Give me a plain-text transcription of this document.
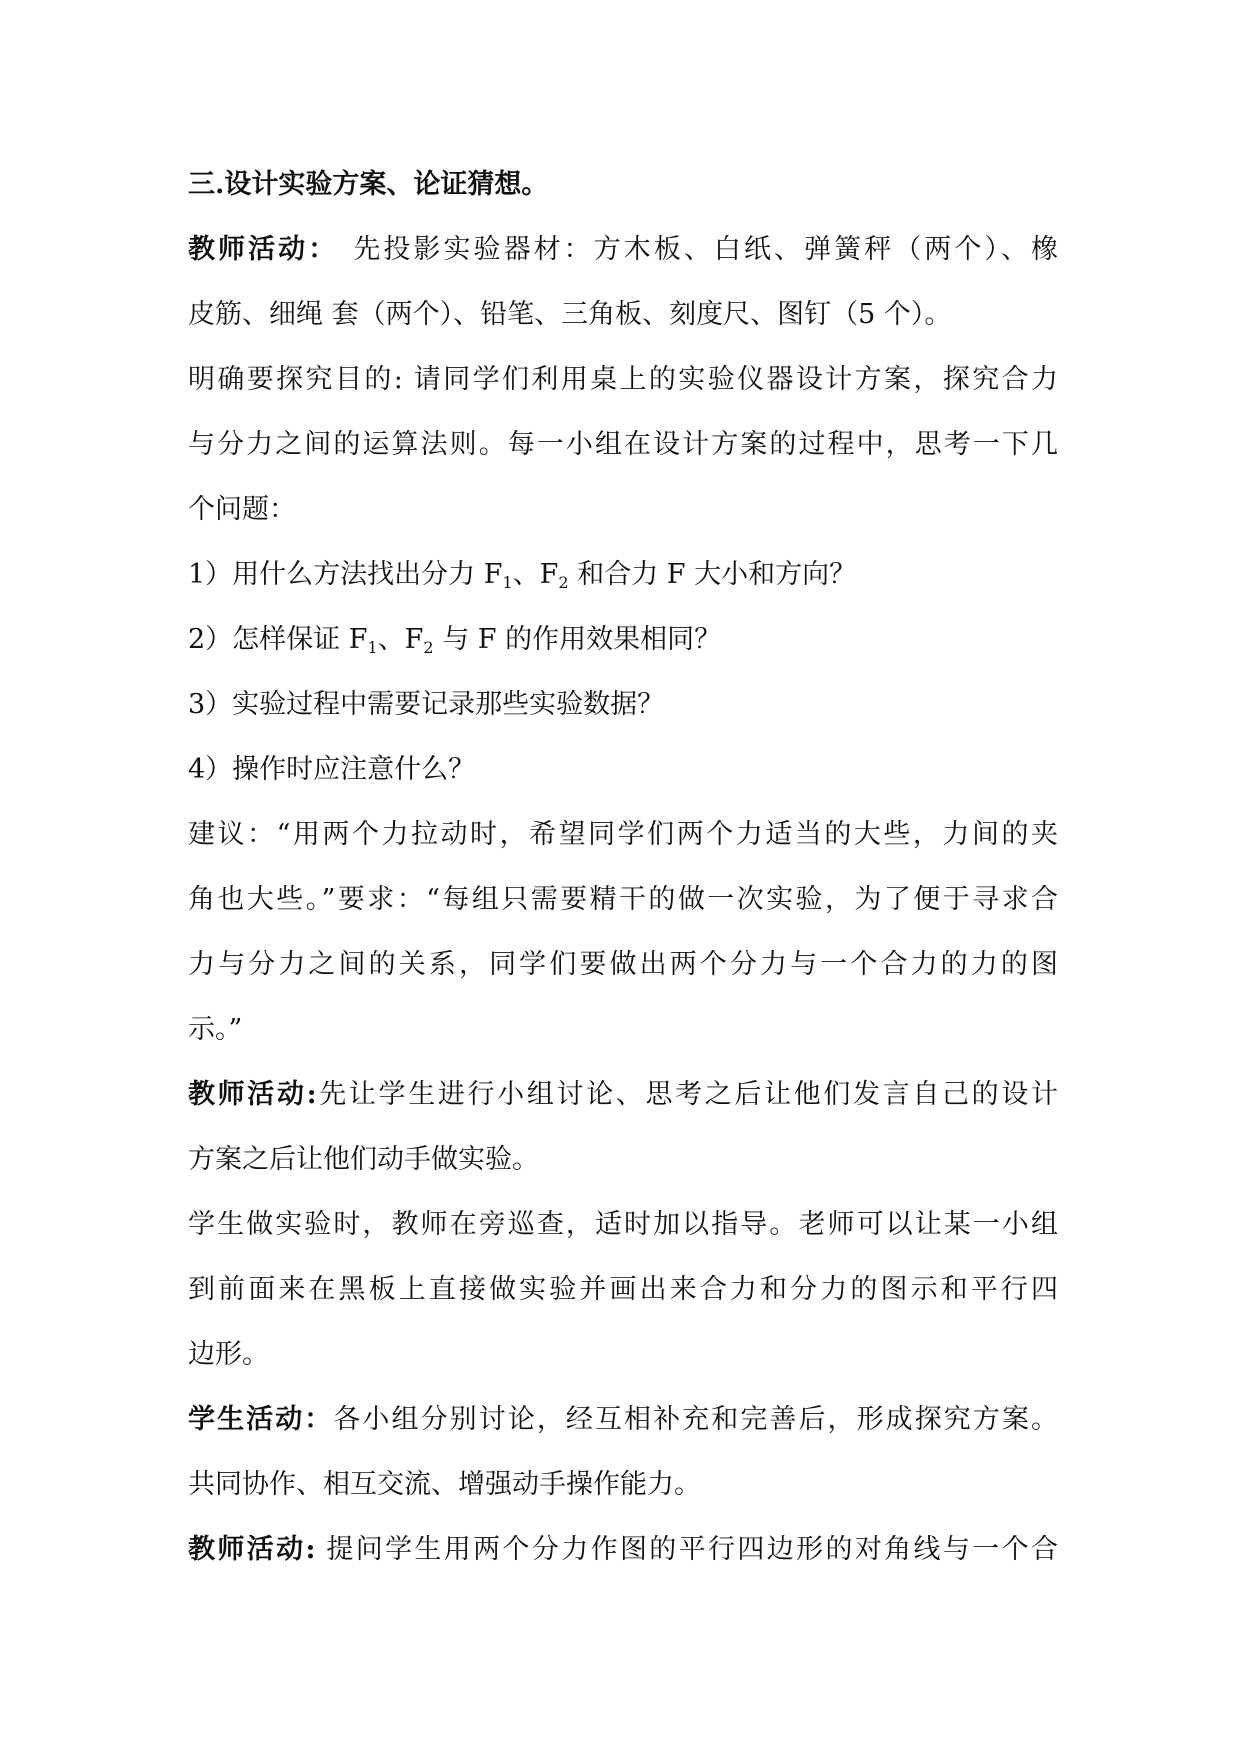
三.设计实验方案、论证猜想。
教师活动： 先投影实验器材：方木板、白纸、弹簧秤（两个）、橡
皮筋、细绳 套（两个）、铅笔、三角板、刻度尺、图钉（5 个）。
明确要探究目的: 请同学们利用桌上的实验仪器设计方案，探究合力
与分力之间的运算法则。每一小组在设计方案的过程中，思考一下几
个问题：
1）用什么方法找出分力 $F_1$、$F_2$ 和合力 F 大小和方向？
2）怎样保证 $F_1$、$F_2$ 与 F 的作用效果相同？
3）实验过程中需要记录那些实验数据？
4）操作时应注意什么？
建议：“用两个力拉动时，希望同学们两个力适当的大些，力间的夹
角也大些。”要求：“每组只需要精干的做一次实验，为了便于寻求合
力与分力之间的关系，同学们要做出两个分力与一个合力的力的图
示。”
教师活动:先让学生进行小组讨论、思考之后让他们发言自己的设计
方案之后让他们动手做实验。
学生做实验时，教师在旁巡查，适时加以指导。老师可以让某一小组
到前面来在黑板上直接做实验并画出来合力和分力的图示和平行四
边形。
学生活动：各小组分别讨论，经互相补充和完善后，形成探究方案。
共同协作、相互交流、增强动手操作能力。
教师活动: 提问学生用两个分力作图的平行四边形的对角线与一个合
